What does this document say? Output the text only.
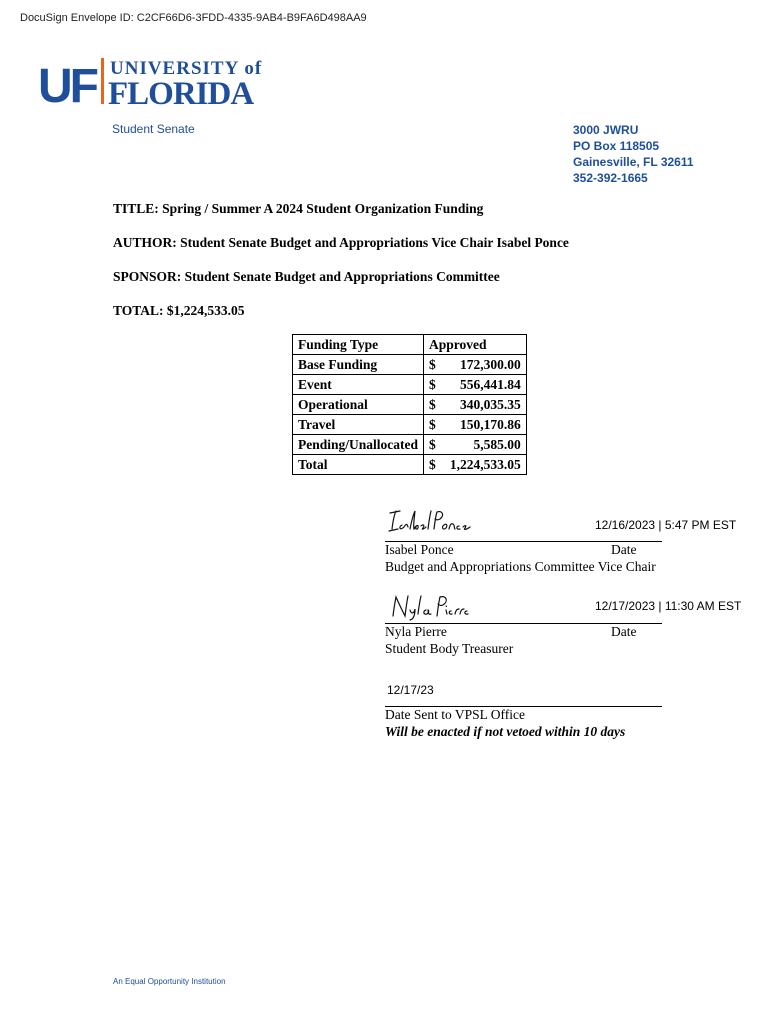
DocuSign Envelope ID: C2CF66D6-3FDD-4335-9AB4-B9FA6D498AA9
UF UNIVERSITY of
FLORIDA
Student Senate	3000 JWRU
PO Box 118505
Gainesville, FL 32611
352-392-1665
TITLE: Spring / Summer A 2024 Student Organization Funding
AUTHOR: Student Senate Budget and Appropriations Vice Chair Isabel Ponce
SPONSOR: Student Senate Budget and Appropriations Committee
TOTAL: $1,224,533.05
Funding Type	Approved	
Base Funding	$	172,300.00
Event	$	556,441.84
Operational	$	340,035.35
Travel	$	150,170.86
Pending/Unallocated	$	5,585.00
Total	$	1,224,533.05
12/16/2023 | 5:47 PM EST
Isabel Ponce	Date
Budget and Appropriations Committee Vice Chair
12/17/2023 | 11:30 AM EST
Nyla Pierre	Date
Student Body Treasurer
12/17/23
Date Sent to VPSL Office
Will be enacted if not vetoed within 10 days
An Equal Opportunity Institution
